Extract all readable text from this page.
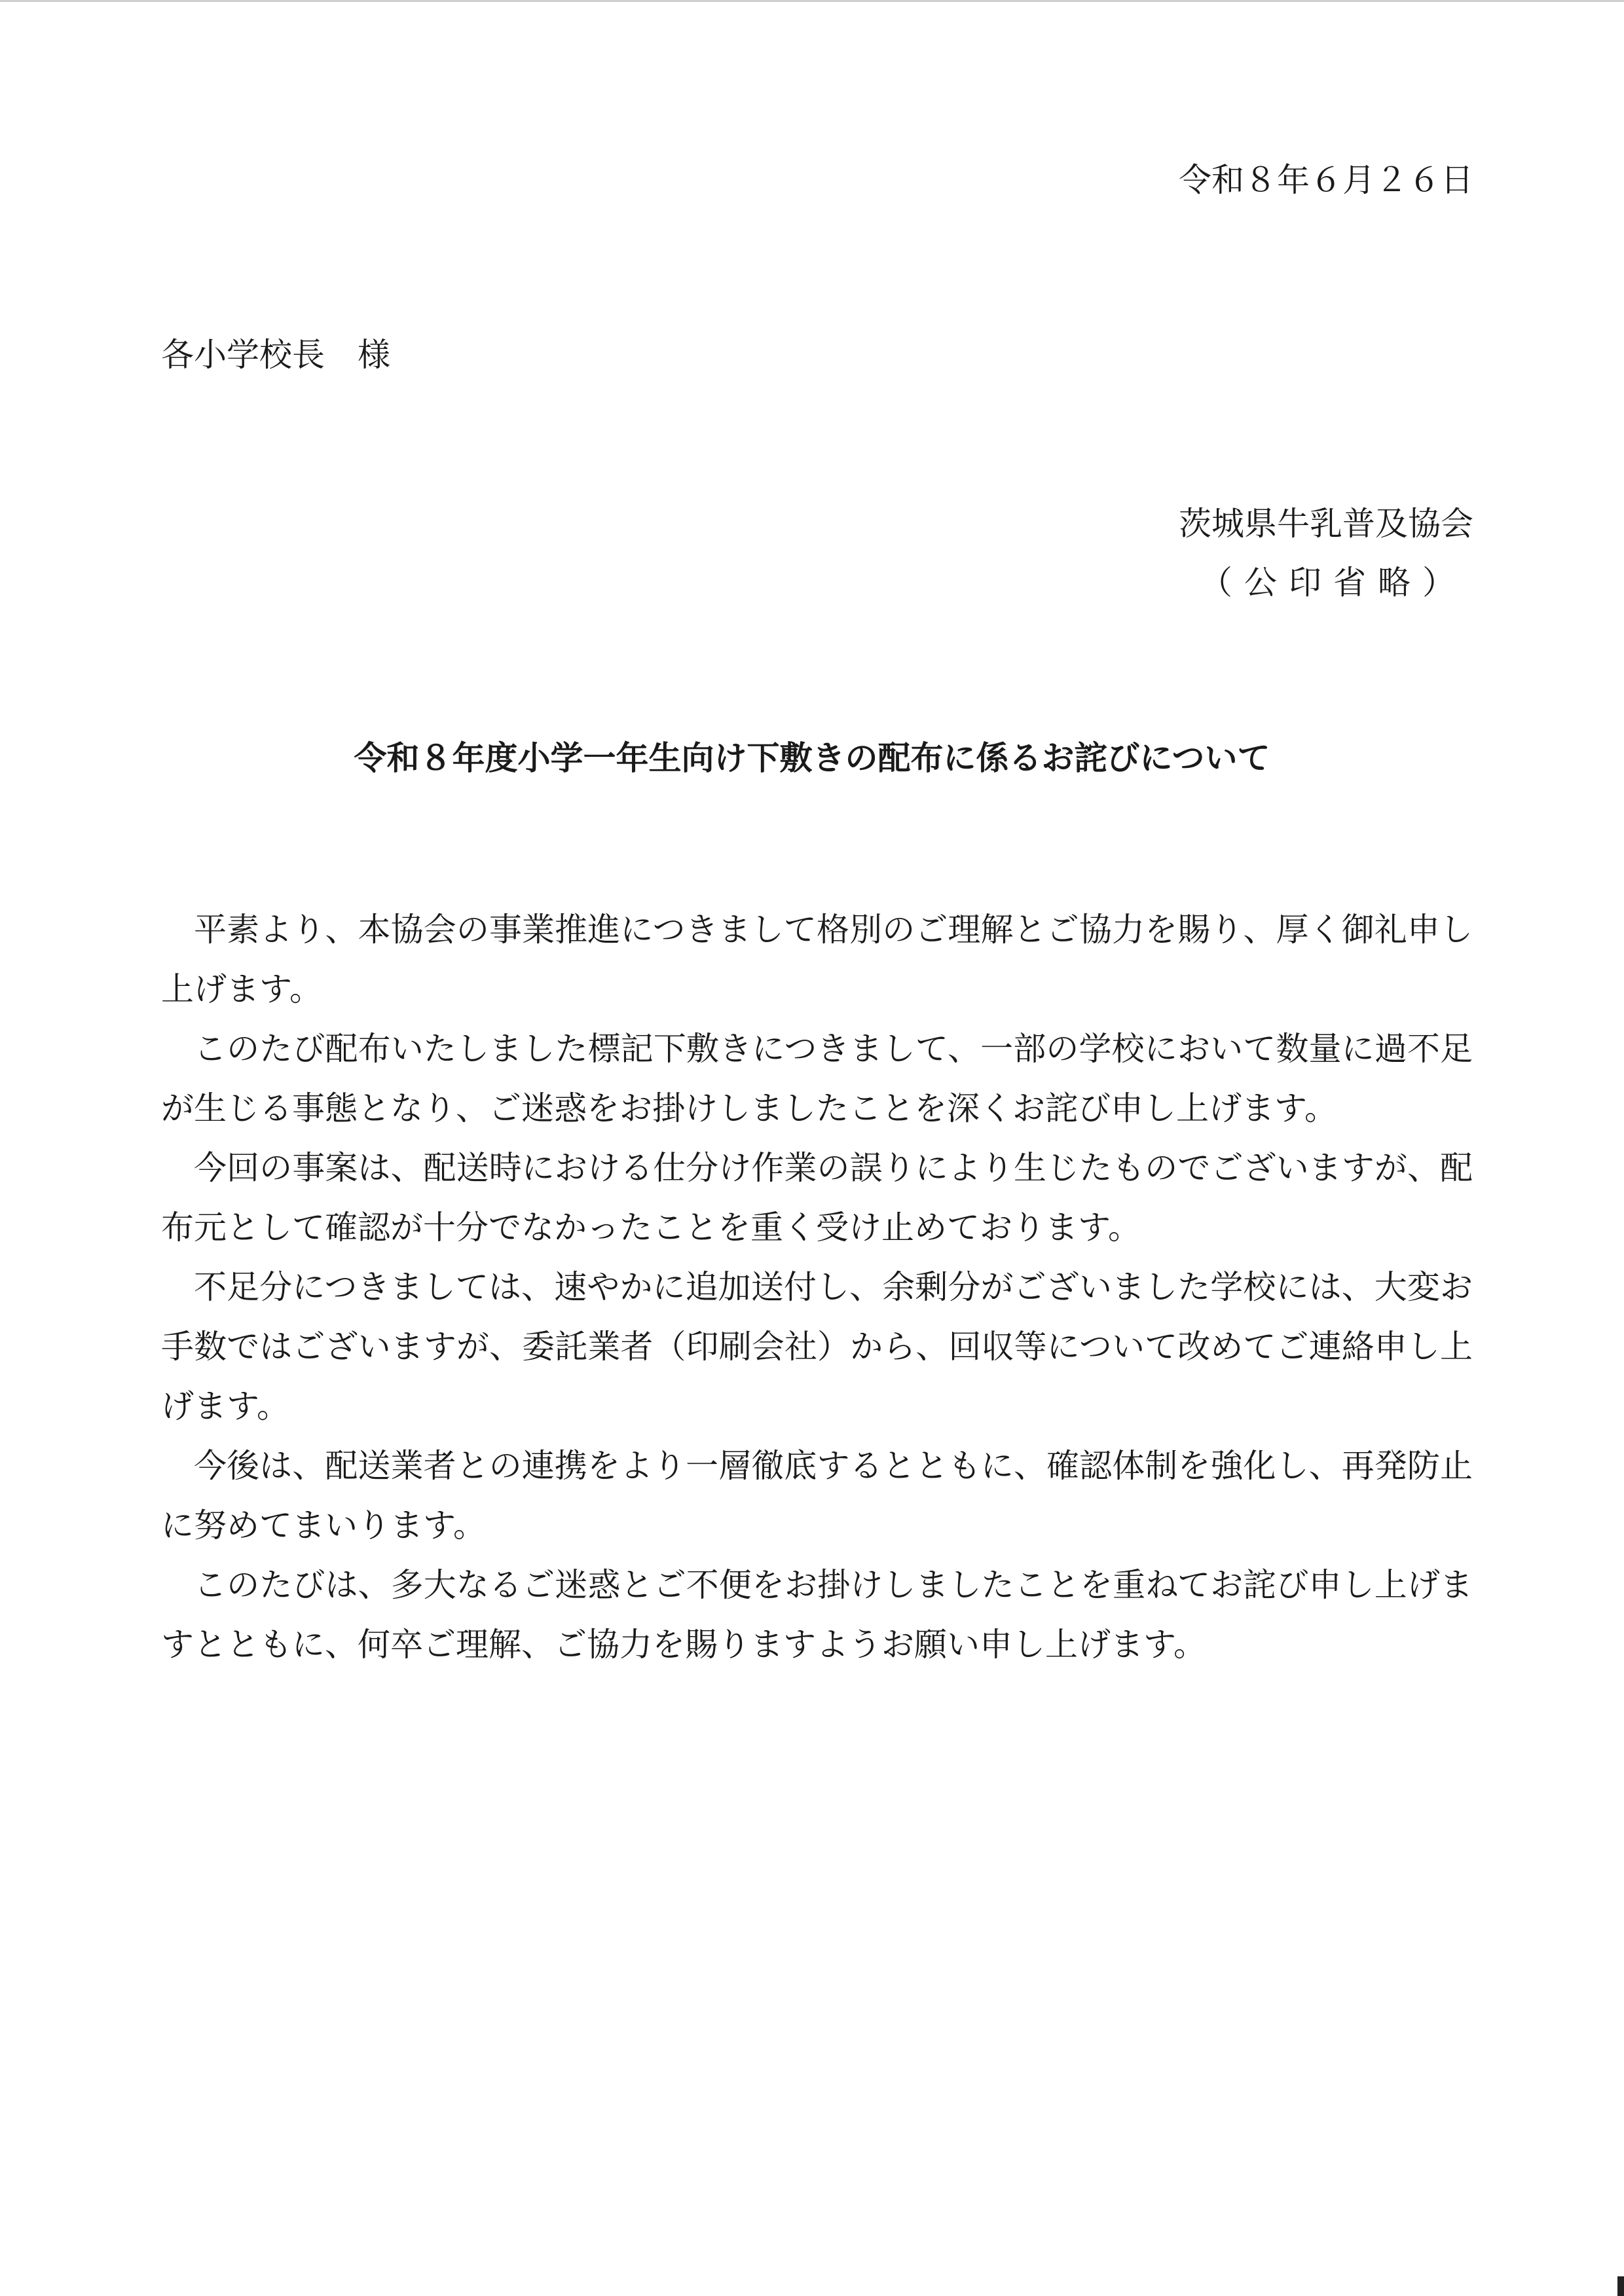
令和８年６月２６日
各小学校長 様
茨城県牛乳普及協会
（公印省略）
令和８年度小学一年生向け下敷きの配布に係るお詫びについて

平素より、本協会の事業推進につきまして格別のご理解とご協力を賜り、厚く御礼申し上げます。

このたび配布いたしました標記下敷きにつきまして、一部の学校において数量に過不足が生じる事態となり、ご迷惑をお掛けしましたことを深くお詫び申し上げます。

今回の事案は、配送時における仕分け作業の誤りにより生じたものでございますが、配布元として確認が十分でなかったことを重く受け止めております。

不足分につきましては、速やかに追加送付し、余剰分がございました学校には、大変お手数ではございますが、委託業者（印刷会社）から、回収等について改めてご連絡申し上げます。

今後は、配送業者との連携をより一層徹底するとともに、確認体制を強化し、再発防止に努めてまいります。

このたびは、多大なるご迷惑とご不便をお掛けしましたことを重ねてお詫び申し上げますとともに、何卒ご理解、ご協力を賜りますようお願い申し上げます。
